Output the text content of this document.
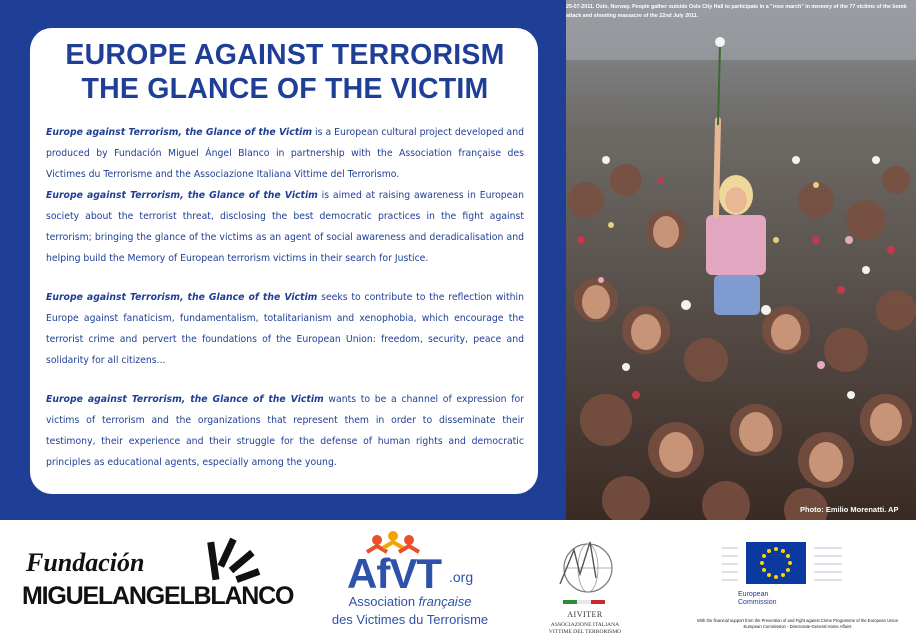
EUROPE AGAINST TERRORISM
THE GLANCE OF THE VICTIM

Europe against Terrorism, the Glance of the Victim is a European cultural project developed and produced by Fundación Miguel Ángel Blanco in partnership with the Association française des Victimes du Terrorisme and the Associazione Italiana Vittime del Terrorismo.

Europe against Terrorism, the Glance of the Victim is aimed at raising awareness in European society about the terrorist threat, disclosing the best democratic practices in the fight against terrorism; bringing the glance of the victims as an agent of social awareness and deradicalisation and helping build the Memory of European terrorism victims in their search for Justice.

Europe against Terrorism, the Glance of the Victim seeks to contribute to the reflection within Europe against fanaticism, fundamentalism, totalitarianism and xenophobia, which encourage the terrorist crime and pervert the foundations of the European Union: freedom, security, peace and solidarity for all citizens...

Europe against Terrorism, the Glance of the Victim wants to be a channel of expression for victims of terrorism and the organizations that represent them in order to disseminate their testimony, their experience and their struggle for the defense of human rights and democratic principles as educational agents, especially among the young.

25-07-2011. Oslo, Norway. People gather outside Oslo City Hall to participate in a "rose march" in memory of the 77 victims of the bomb attack and shooting massacre of the 22nd July 2011.
Photo: Emilio Morenatti. AP
Fundación
MIGUELANGELBLANCO AfVT .org
Association française
des Victimes du Terrorisme	AIVITER
ASSOCIAZIONE ITALIANA
VITTIME DEL TERRORISMO
European
Commission
With the financial support from the Prevention of and Fight against Crime Programme of the European Union European Commission - Directorate-General Home Affairs
